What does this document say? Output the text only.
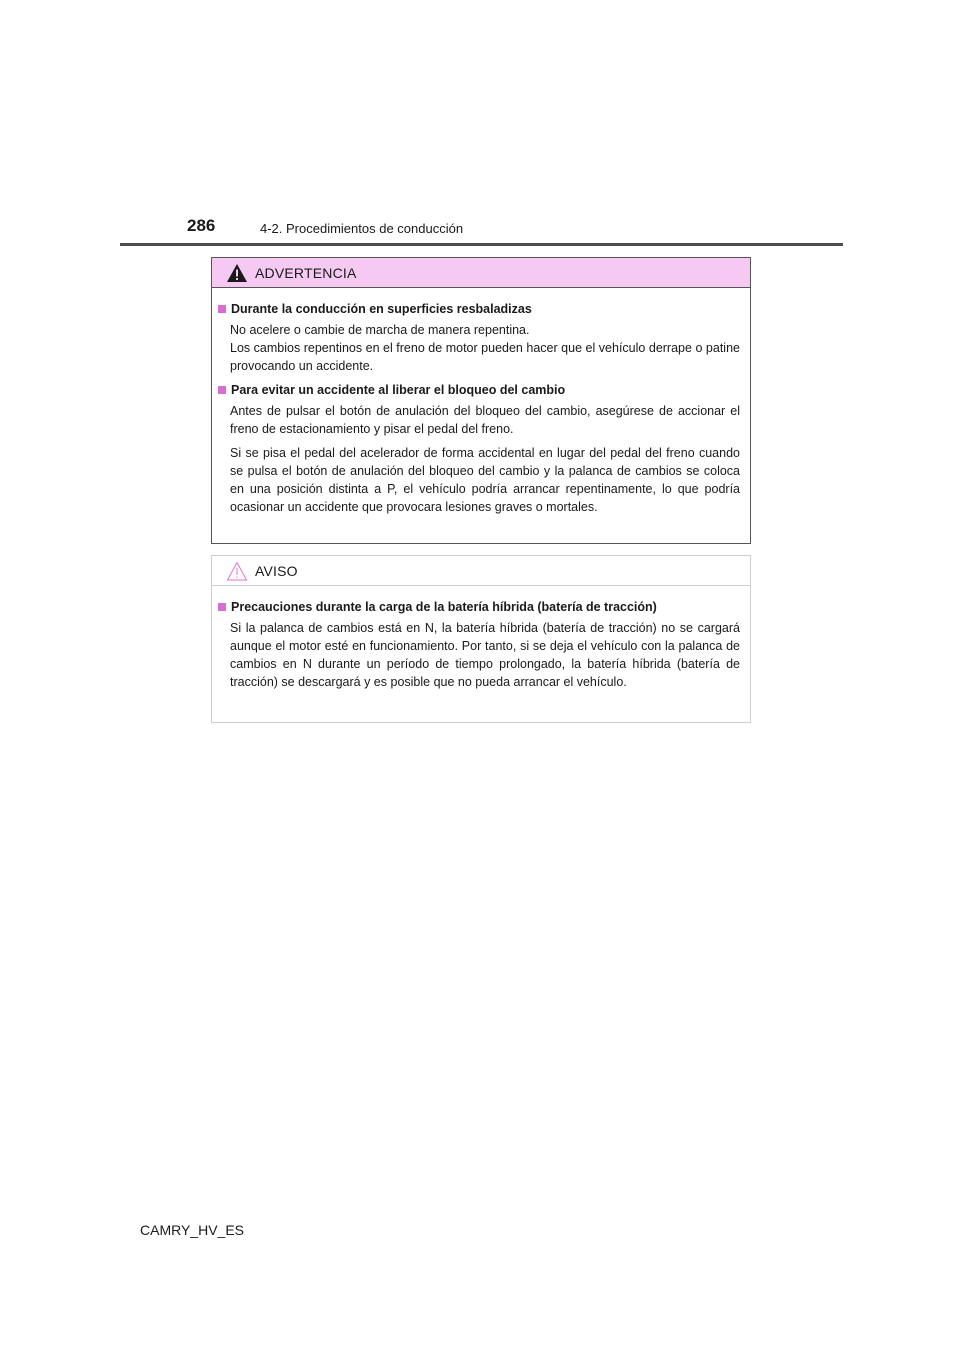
286	4-2. Procedimientos de conducción
ADVERTENCIA
Durante la conducción en superficies resbaladizas

No acelere o cambie de marcha de manera repentina.
Los cambios repentinos en el freno de motor pueden hacer que el vehículo derrape o patine provocando un accidente.

Para evitar un accidente al liberar el bloqueo del cambio

Antes de pulsar el botón de anulación del bloqueo del cambio, asegúrese de accionar el freno de estacionamiento y pisar el pedal del freno.

Si se pisa el pedal del acelerador de forma accidental en lugar del pedal del freno cuando se pulsa el botón de anulación del bloqueo del cambio y la palanca de cambios se coloca en una posición distinta a P, el vehículo podría arrancar repentinamente, lo que podría ocasionar un accidente que provocara lesiones graves o mortales.

AVISO
Precauciones durante la carga de la batería híbrida (batería de tracción)

Si la palanca de cambios está en N, la batería híbrida (batería de tracción) no se cargará aunque el motor esté en funcionamiento. Por tanto, si se deja el vehículo con la palanca de cambios en N durante un período de tiempo prolongado, la batería híbrida (batería de tracción) se descargará y es posible que no pueda arrancar el vehículo.

CAMRY_HV_ES
